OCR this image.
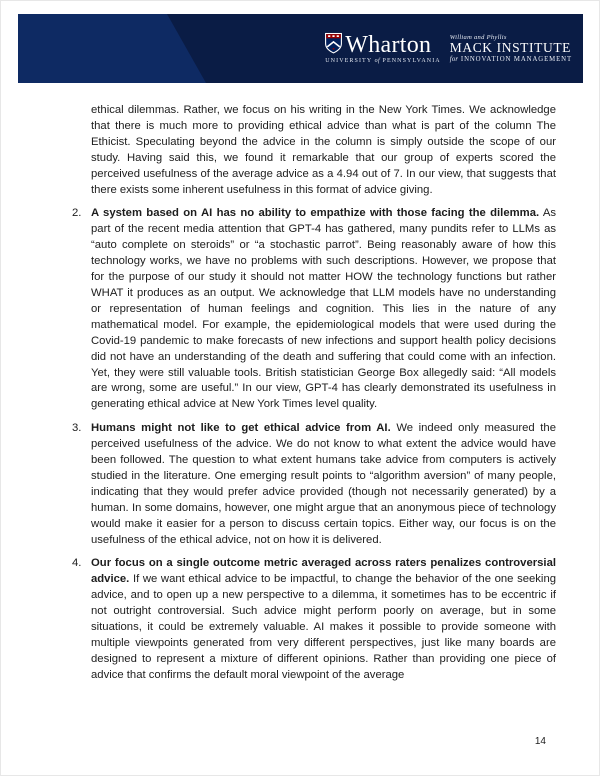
Wharton
UNIVERSITY of PENNSYLVANIA
William and Phyllis
MACK INSTITUTE
for INNOVATION MANAGEMENT

ethical dilemmas. Rather, we focus on his writing in the New York Times. We acknowledge that there is much more to providing ethical advice than what is part of the column The Ethicist. Speculating beyond the advice in the column is simply outside the scope of our study. Having said this, we found it remarkable that our group of experts scored the perceived usefulness of the average advice as a 4.94 out of 7. In our view, that suggests that there exists some inherent usefulness in this format of advice giving.

2. A system based on AI has no ability to empathize with those facing the dilemma. As part of the recent media attention that GPT-4 has gathered, many pundits refer to LLMs as “auto complete on steroids” or “a stochastic parrot”. Being reasonably aware of how this technology works, we have no problems with such descriptions. However, we propose that for the purpose of our study it should not matter HOW the technology functions but rather WHAT it produces as an output. We acknowledge that LLM models have no understanding or representation of human feelings and cognition. This lies in the nature of any mathematical model. For example, the epidemiological models that were used during the Covid-19 pandemic to make forecasts of new infections and support health policy decisions did not have an understanding of the death and suffering that could come with an infection. Yet, they were still valuable tools. British statistician George Box allegedly said: “All models are wrong, some are useful.” In our view, GPT-4 has clearly demonstrated its usefulness in generating ethical advice at New York Times level quality.
3. Humans might not like to get ethical advice from AI. We indeed only measured the perceived usefulness of the advice. We do not know to what extent the advice would have been followed. The question to what extent humans take advice from computers is actively studied in the literature. One emerging result points to “algorithm aversion” of many people, indicating that they would prefer advice provided (though not necessarily generated) by a human. In some domains, however, one might argue that an anonymous piece of technology would make it easier for a person to discuss certain topics. Either way, our focus is on the usefulness of the ethical advice, not on how it is delivered.
4. Our focus on a single outcome metric averaged across raters penalizes controversial advice. If we want ethical advice to be impactful, to change the behavior of the one seeking advice, and to open up a new perspective to a dilemma, it sometimes has to be eccentric if not outright controversial. Such advice might perform poorly on average, but in some situations, it could be extremely valuable. AI makes it possible to provide someone with multiple viewpoints generated from very different perspectives, just like many boards are designed to represent a mixture of different opinions. Rather than providing one piece of advice that confirms the default moral viewpoint of the average
14
